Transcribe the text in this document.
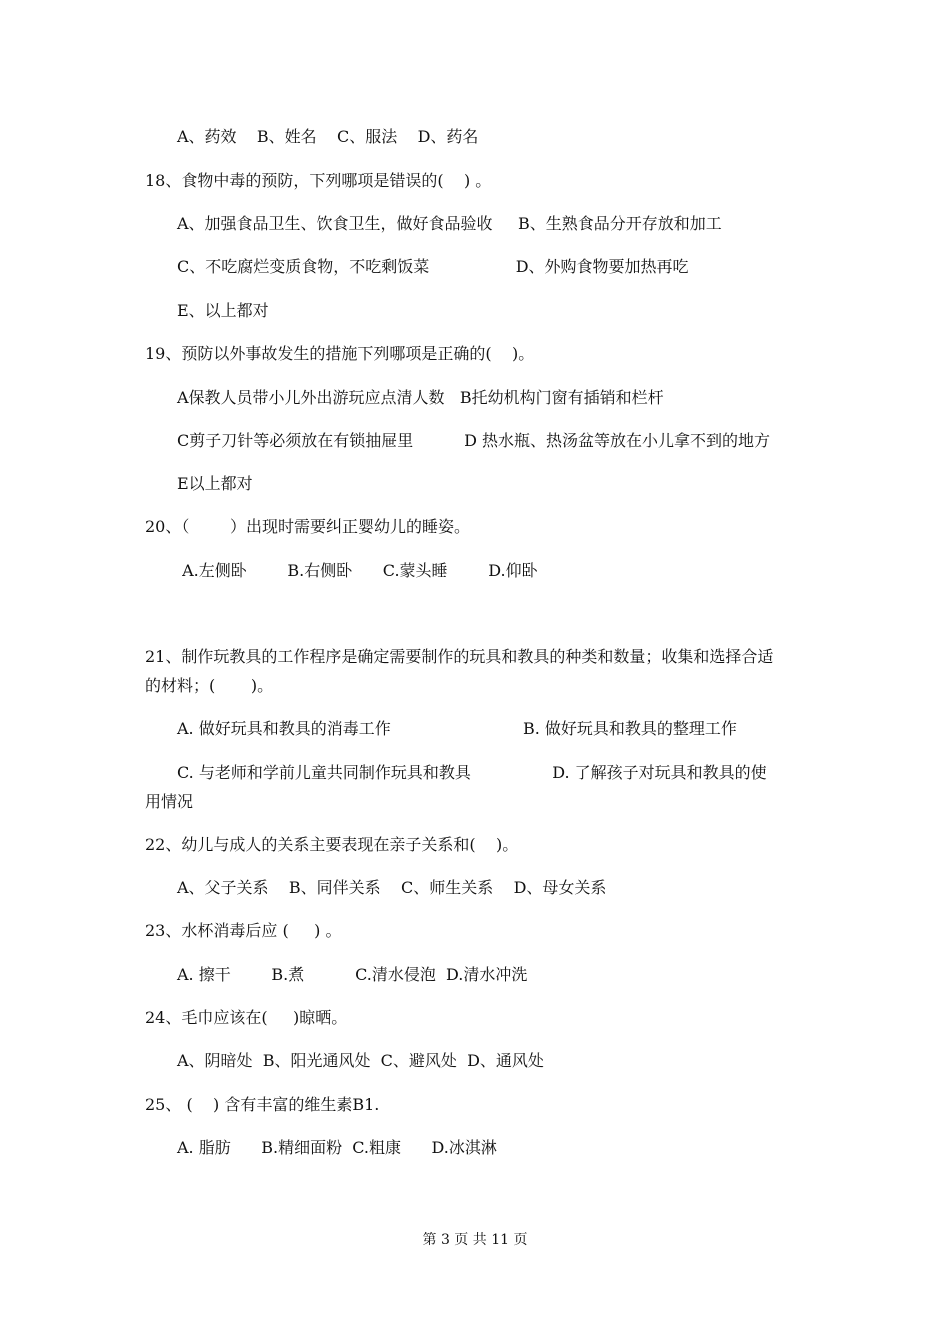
A、药效    B、姓名    C、服法    D、药名
18、食物中毒的预防，下列哪项是错误的(    ) 。
A、加强食品卫生、饮食卫生，做好食品验收     B、生熟食品分开存放和加工
C、不吃腐烂变质食物，不吃剩饭菜                 D、外购食物要加热再吃
E、以上都对
19、预防以外事故发生的措施下列哪项是正确的(    )。
A保教人员带小儿外出游玩应点清人数   B托幼机构门窗有插销和栏杆
C剪子刀针等必须放在有锁抽屉里          D 热水瓶、热汤盆等放在小儿拿不到的地方
E以上都对
20、（        ）出现时需要纠正婴幼儿的睡姿。
A.左侧卧        B.右侧卧      C.蒙头睡        D.仰卧
21、制作玩教具的工作程序是确定需要制作的玩具和教具的种类和数量；收集和选择合适
的材料；(       )。
A. 做好玩具和教具的消毒工作                          B. 做好玩具和教具的整理工作
C. 与老师和学前儿童共同制作玩具和教具                D. 了解孩子对玩具和教具的使
用情况
22、幼儿与成人的关系主要表现在亲子关系和(    )。
A、父子关系    B、同伴关系    C、师生关系    D、母女关系
23、水杯消毒后应 (     ) 。
A. 擦干        B.煮          C.清水侵泡  D.清水冲洗
24、毛巾应该在(     )晾晒。
A、阴暗处  B、阳光通风处  C、避风处  D、通风处
25、 (    ) 含有丰富的维生素B1.
A. 脂肪      B.精细面粉  C.粗康      D.冰淇淋
第 3 页 共 11 页
